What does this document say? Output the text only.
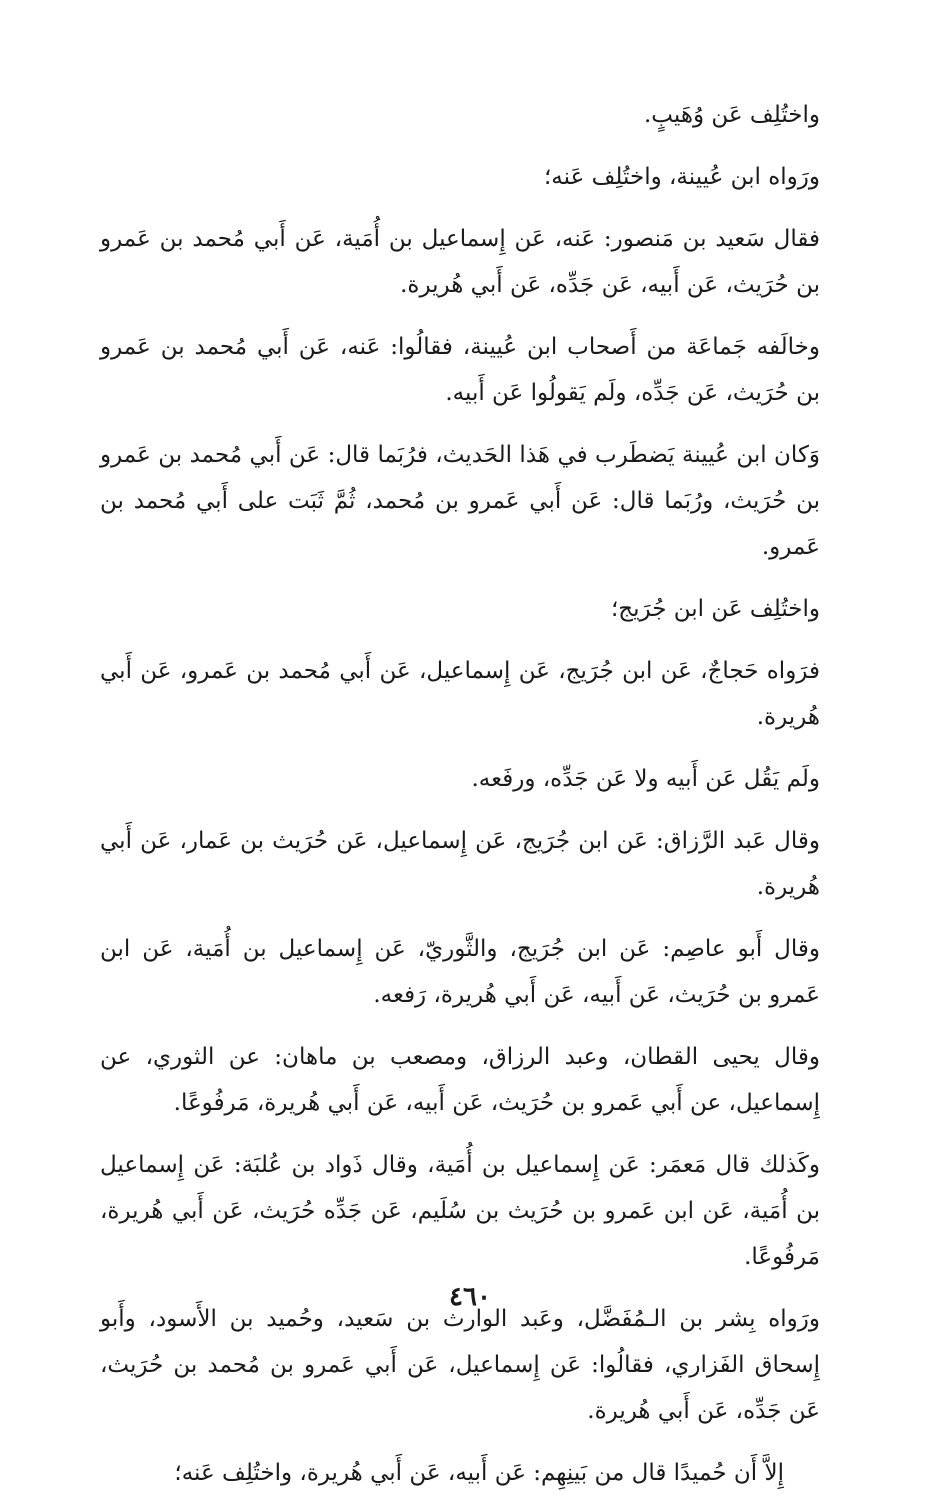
واختُلِف عَن وُهَيبٍ.

ورَواه ابن عُيينة، واختُلِف عَنه؛

فقال سَعيد بن مَنصور: عَنه، عَن إِسماعيل بن أُمَية، عَن أَبي مُحمد بن عَمرو بن حُرَيث، عَن أَبيه، عَن جَدِّه، عَن أَبي هُريرة.

وخالَفه جَماعَة من أَصحاب ابن عُيينة، فقالُوا: عَنه، عَن أَبي مُحمد بن عَمرو بن حُرَيث، عَن جَدِّه، ولَم يَقولُوا عَن أَبيه.

وَكان ابن عُيينة يَضطَرب في هَذا الحَديث، فرُبَما قال: عَن أَبي مُحمد بن عَمرو بن حُرَيث، ورُبَما قال: عَن أَبي عَمرو بن مُحمد، ثُمَّ ثَبَت على أَبي مُحمد بن عَمرو.

واختُلِف عَن ابن جُرَيج؛

فرَواه حَجاجٌ، عَن ابن جُرَيج، عَن إِسماعيل، عَن أَبي مُحمد بن عَمرو، عَن أَبي هُريرة.

ولَم يَقُل عَن أَبيه ولا عَن جَدِّه، ورفَعه.

وقال عَبد الرَّزاق: عَن ابن جُرَيج، عَن إِسماعيل، عَن حُرَيث بن عَمار، عَن أَبي هُريرة.

وقال أَبو عاصِم: عَن ابن جُرَيج، والثَّوريّ، عَن إِسماعيل بن أُمَية، عَن ابن عَمرو بن حُرَيث، عَن أَبيه، عَن أَبي هُريرة، رَفعه.

وقال يحيى القطان، وعبد الرزاق، ومصعب بن ماهان: عن الثوري، عن إِسماعيل، عن أَبي عَمرو بن حُرَيث، عَن أَبيه، عَن أَبي هُريرة، مَرفُوعًا.

وكَذلك قال مَعمَر: عَن إِسماعيل بن أُمَية، وقال ذَواد بن عُلبَة: عَن إِسماعيل بن أُمَية، عَن ابن عَمرو بن حُرَيث بن سُلَيم، عَن جَدِّه حُرَيث، عَن أَبي هُريرة، مَرفُوعًا.

ورَواه بِشر بن الـمُفَضَّل، وعَبد الوارث بن سَعيد، وحُميد بن الأَسود، وأَبو إِسحاق الفَزاري، فقالُوا: عَن إِسماعيل، عَن أَبي عَمرو بن مُحمد بن حُرَيث، عَن جَدِّه، عَن أَبي هُريرة.

إِلاَّ أَن حُميدًا قال من بَينِهِم: عَن أَبيه، عَن أَبي هُريرة، واختُلِف عَنه؛

٤٦٠
